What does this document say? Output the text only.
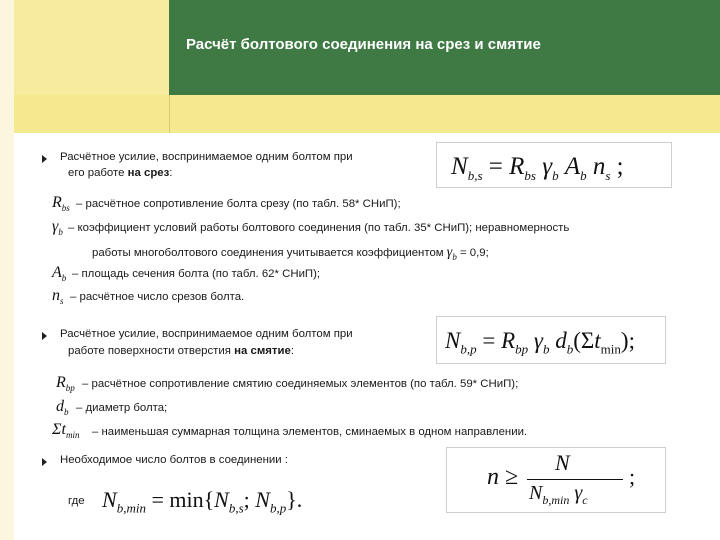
Расчёт болтового соединения на срез и смятие
Расчётное усилие, воспринимаемое одним болтом при
его работе на срез:	$N_{b,s} = R_{bs}$ $\gamma_b$ $A_b$ $n_s$ ;
$R_{bs}$ – расчётное сопротивление болта срезу (по табл. 58* СНиП);
$\gamma_b$ – коэффициент условий работы болтового соединения (по табл. 35* СНиП); неравномерность
работы многоболтового соединения учитывается коэффициентом $\gamma_b = 0,9$;
$A_b$ – площадь сечения болта (по табл. 62* СНиП);
$n_s$ – расчётное число срезов болта.
Расчётное усилие, воспринимаемое одним болтом при
работе поверхности отверстия на смятие:	$N_{b,p} = R_{bp}$ $\gamma_b$ $d_b(\Sigma t_{min})$;
$R_{bp}$ – расчётное сопротивление смятию соединяемых элементов (по табл. 59* СНиП);
$d_b$ – диаметр болта;
$\Sigma t_{min}$ – наименьшая суммарная толщина элементов, сминаемых в одном направлении.
Необходимое число болтов в соединении :
n ≥
N
$N_{b,min}$ $\gamma_c$
;
где $N_{b,min} = \min\{N_{b,s}$; $N_{b,p}$}.
